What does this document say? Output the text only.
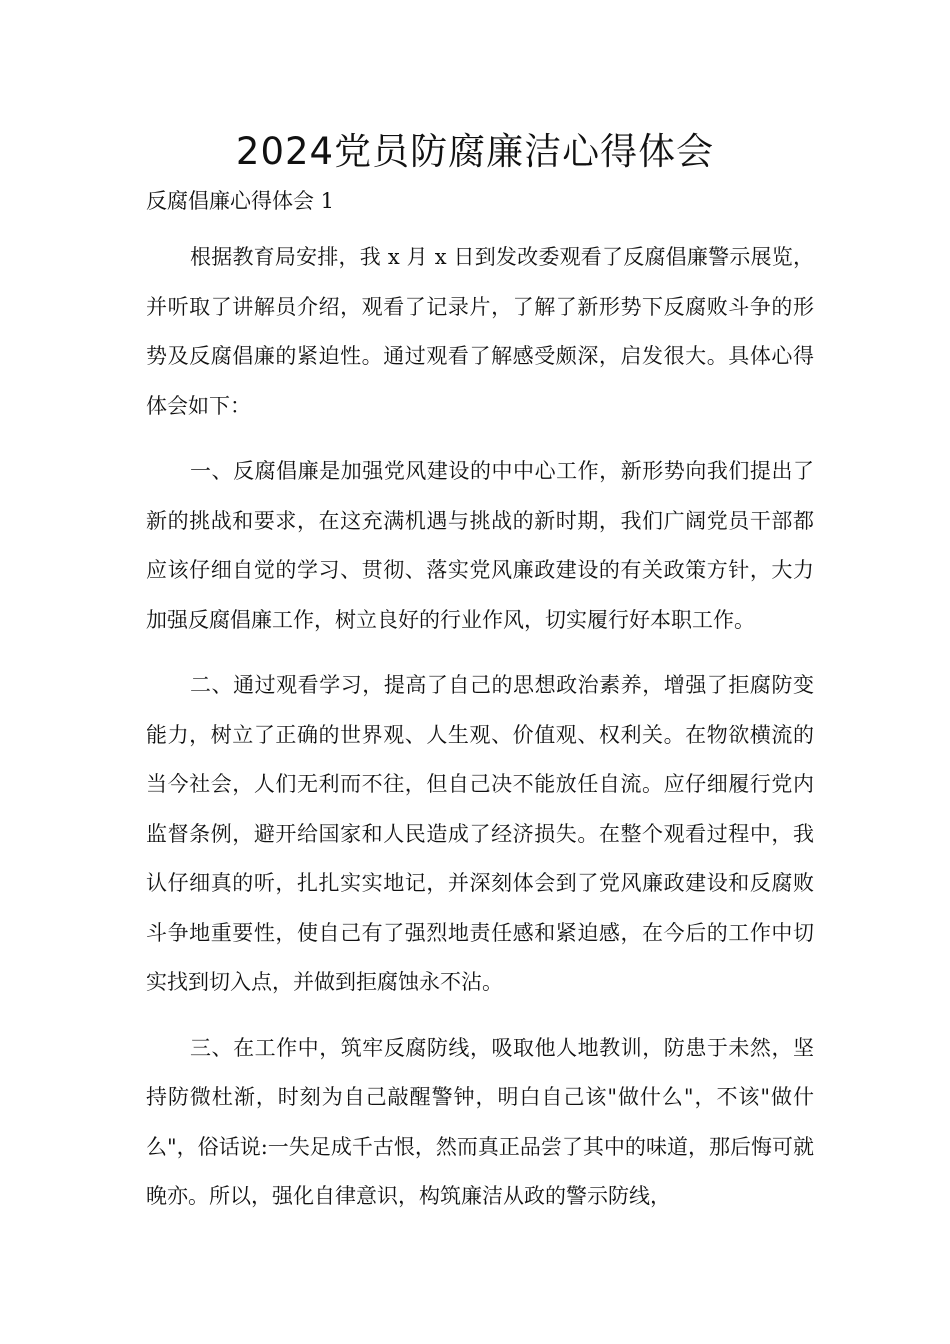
2024党员防腐廉洁心得体会

反腐倡廉心得体会 1

根据教育局安排，我 x 月 x 日到发改委观看了反腐倡廉警示展览，并听取了讲解员介绍，观看了记录片，了解了新形势下反腐败斗争的形势及反腐倡廉的紧迫性。通过观看了解感受颇深，启发很大。具体心得体会如下：

一、反腐倡廉是加强党风建设的中中心工作，新形势向我们提出了新的挑战和要求，在这充满机遇与挑战的新时期，我们广阔党员干部都应该仔细自觉的学习、贯彻、落实党风廉政建设的有关政策方针，大力加强反腐倡廉工作，树立良好的行业作风，切实履行好本职工作。

二、通过观看学习，提高了自己的思想政治素养，增强了拒腐防变能力，树立了正确的世界观、人生观、价值观、权利关。在物欲横流的当今社会，人们无利而不往，但自己决不能放任自流。应仔细履行党内监督条例，避开给国家和人民造成了经济损失。在整个观看过程中，我认仔细真的听，扎扎实实地记，并深刻体会到了党风廉政建设和反腐败斗争地重要性，使自己有了强烈地责任感和紧迫感，在今后的工作中切实找到切入点，并做到拒腐蚀永不沾。

三、在工作中，筑牢反腐防线，吸取他人地教训，防患于未然，坚持防微杜渐，时刻为自己敲醒警钟，明白自己该"做什么"，不该"做什么"，俗话说:一失足成千古恨，然而真正品尝了其中的味道，那后悔可就晚亦。所以，强化自律意识，构筑廉洁从政的警示防线，
